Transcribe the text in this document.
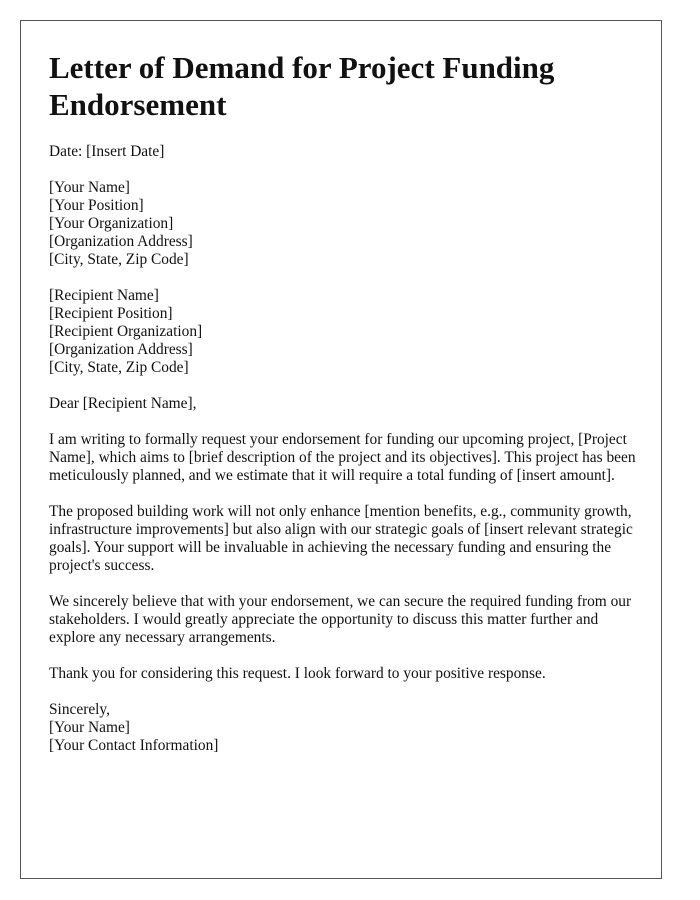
Letter of Demand for Project Funding Endorsement

Date: [Insert Date]

[Your Name]
[Your Position]
[Your Organization]
[Organization Address]
[City, State, Zip Code]

[Recipient Name]
[Recipient Position]
[Recipient Organization]
[Organization Address]
[City, State, Zip Code]

Dear [Recipient Name],

I am writing to formally request your endorsement for funding our upcoming project, [Project Name], which aims to [brief description of the project and its objectives]. This project has been meticulously planned, and we estimate that it will require a total funding of [insert amount].

The proposed building work will not only enhance [mention benefits, e.g., community growth, infrastructure improvements] but also align with our strategic goals of [insert relevant strategic goals]. Your support will be invaluable in achieving the necessary funding and ensuring the project's success.

We sincerely believe that with your endorsement, we can secure the required funding from our stakeholders. I would greatly appreciate the opportunity to discuss this matter further and explore any necessary arrangements.

Thank you for considering this request. I look forward to your positive response.

Sincerely,
[Your Name]
[Your Contact Information]
